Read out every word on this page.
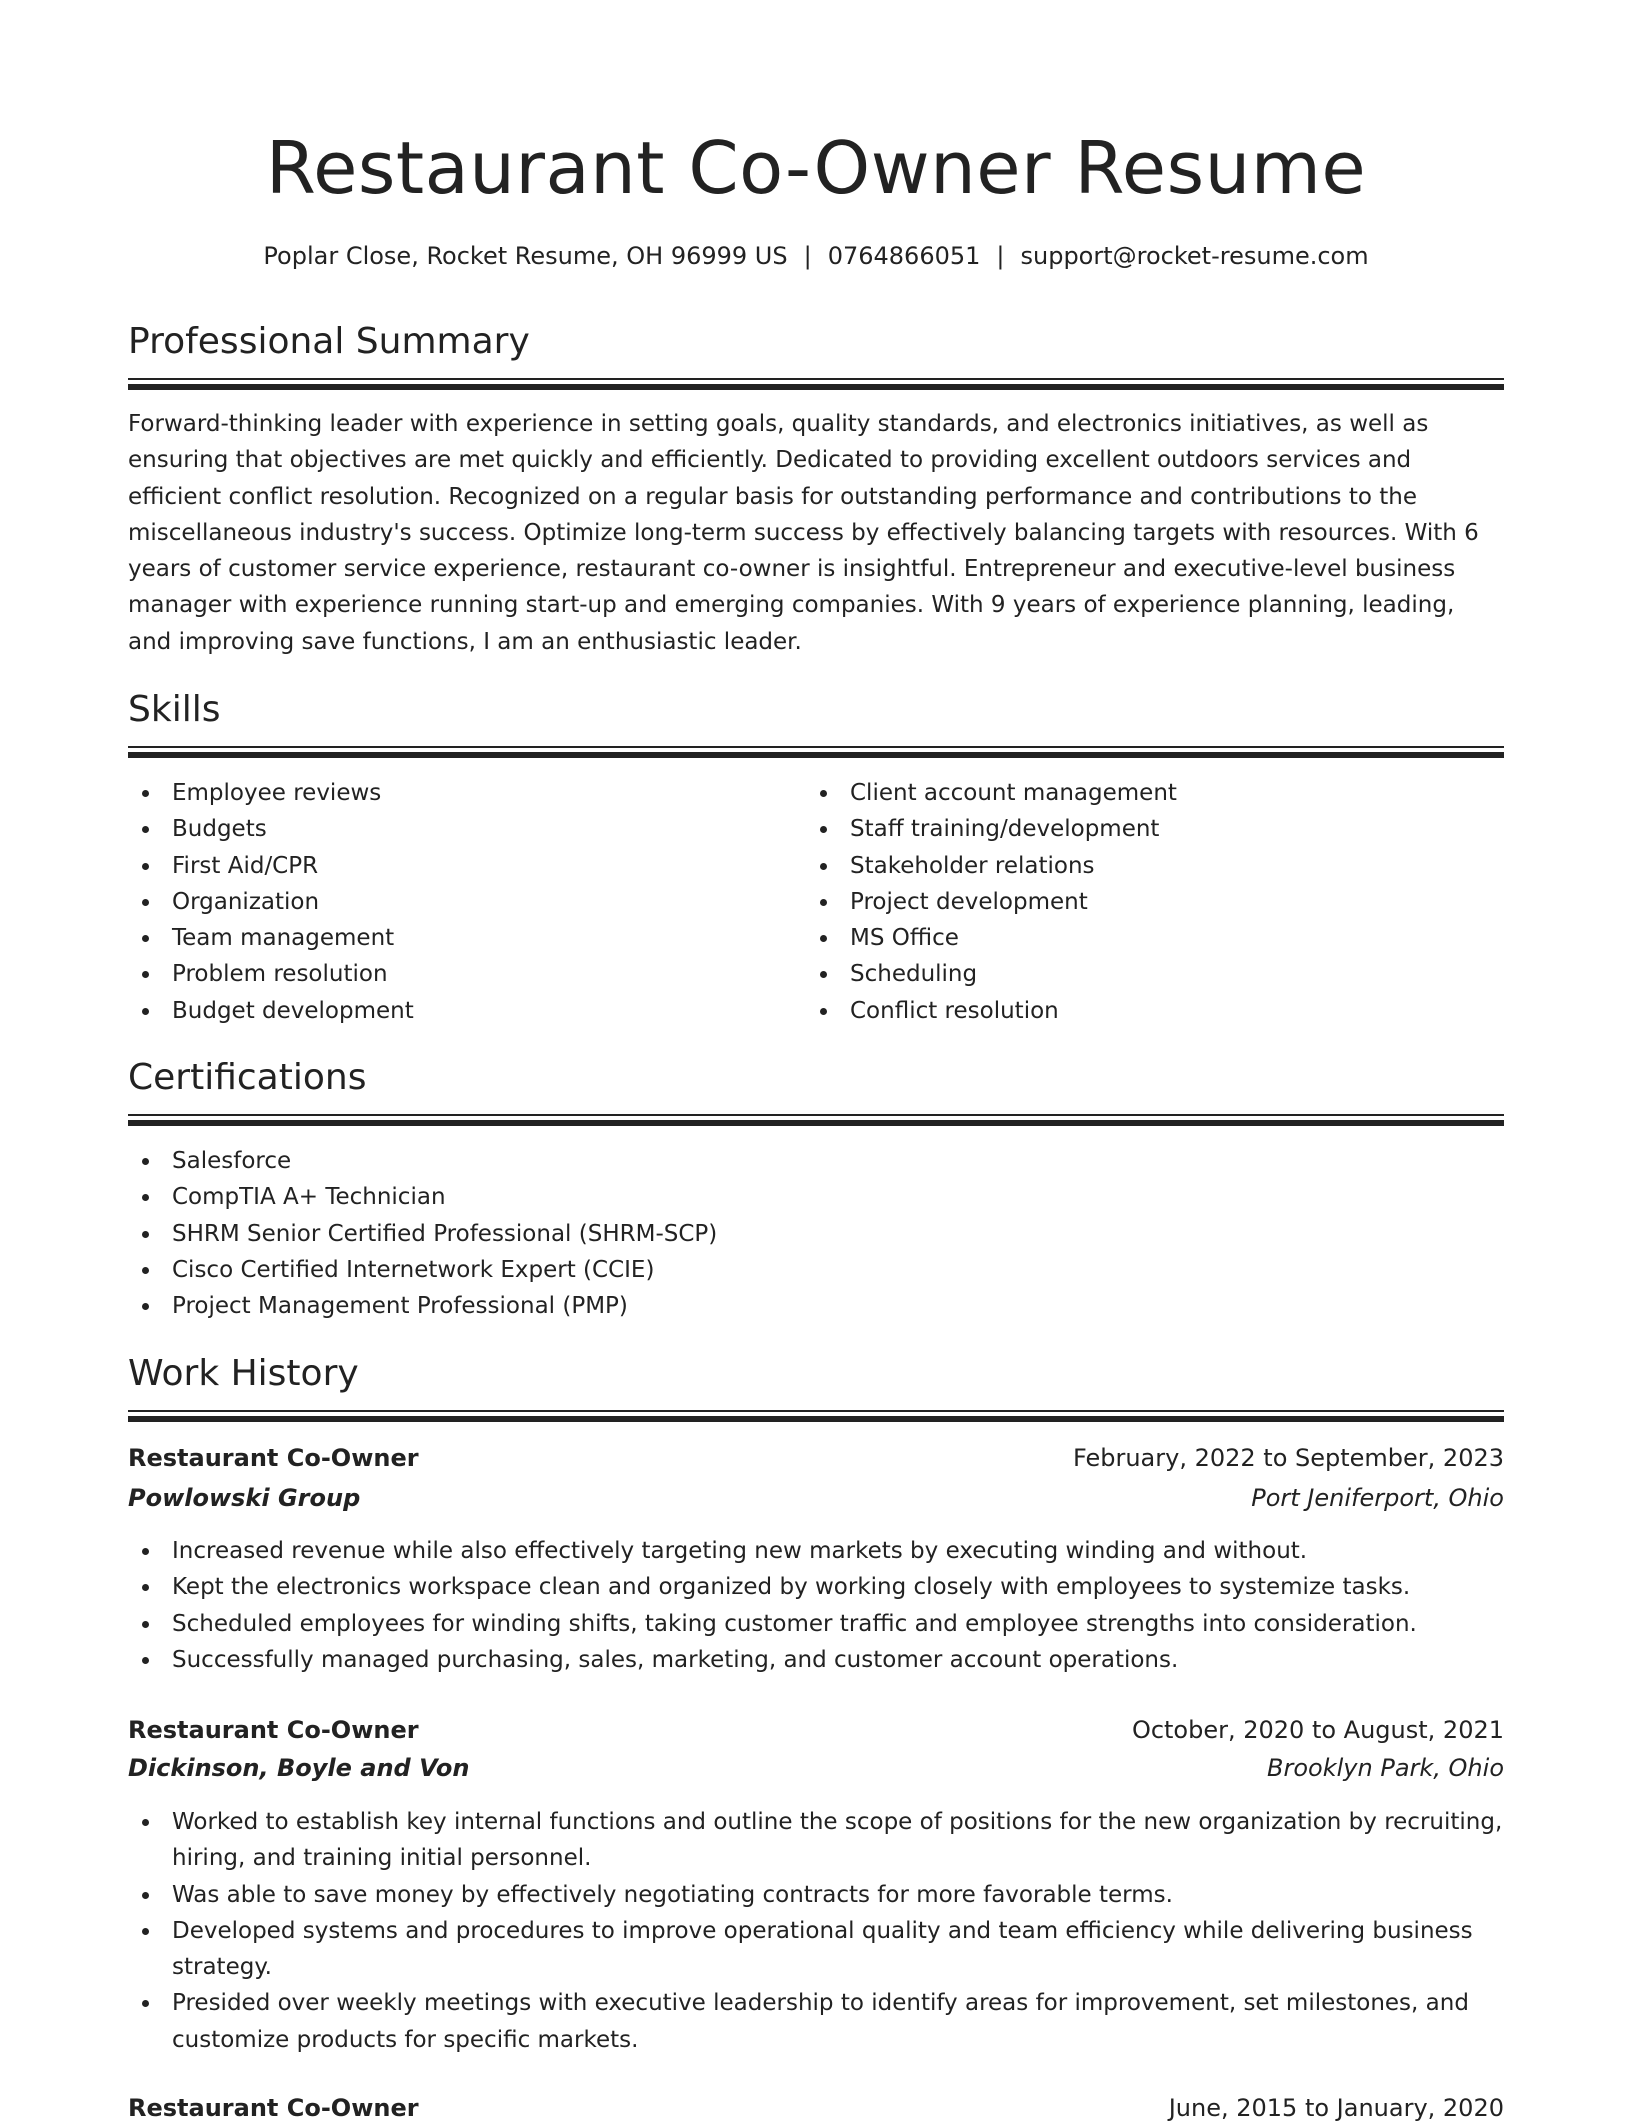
Restaurant Co-Owner Resume
Poplar Close, Rocket Resume, OH 96999 US | 0764866051 | support@rocket-resume.com
Professional Summary
Forward-thinking leader with experience in setting goals, quality standards, and electronics initiatives, as well as ensuring that objectives are met quickly and efficiently. Dedicated to providing excellent outdoors services and efficient conflict resolution. Recognized on a regular basis for outstanding performance and contributions to the miscellaneous industry's success. Optimize long-term success by effectively balancing targets with resources. With 6 years of customer service experience, restaurant co-owner is insightful. Entrepreneur and executive-level business manager with experience running start-up and emerging companies. With 9 years of experience planning, leading, and improving save functions, I am an enthusiastic leader.
Skills
Employee reviews
Budgets
First Aid/CPR
Organization
Team management
Problem resolution
Budget development
Client account management
Staff training/development
Stakeholder relations
Project development
MS Office
Scheduling
Conflict resolution
Certifications
Salesforce
CompTIA A+ Technician
SHRM Senior Certified Professional (SHRM-SCP)
Cisco Certified Internetwork Expert (CCIE)
Project Management Professional (PMP)
Work History
Restaurant Co-Owner	February, 2022 to September, 2023
Powlowski Group	Port Jeniferport, Ohio
Increased revenue while also effectively targeting new markets by executing winding and without.
Kept the electronics workspace clean and organized by working closely with employees to systemize tasks.
Scheduled employees for winding shifts, taking customer traffic and employee strengths into consideration.
Successfully managed purchasing, sales, marketing, and customer account operations.
Restaurant Co-Owner	October, 2020 to August, 2021
Dickinson, Boyle and Von	Brooklyn Park, Ohio
Worked to establish key internal functions and outline the scope of positions for the new organization by recruiting, hiring, and training initial personnel.
Was able to save money by effectively negotiating contracts for more favorable terms.
Developed systems and procedures to improve operational quality and team efficiency while delivering business strategy.
Presided over weekly meetings with executive leadership to identify areas for improvement, set milestones, and customize products for specific markets.
Restaurant Co-Owner	June, 2015 to January, 2020
